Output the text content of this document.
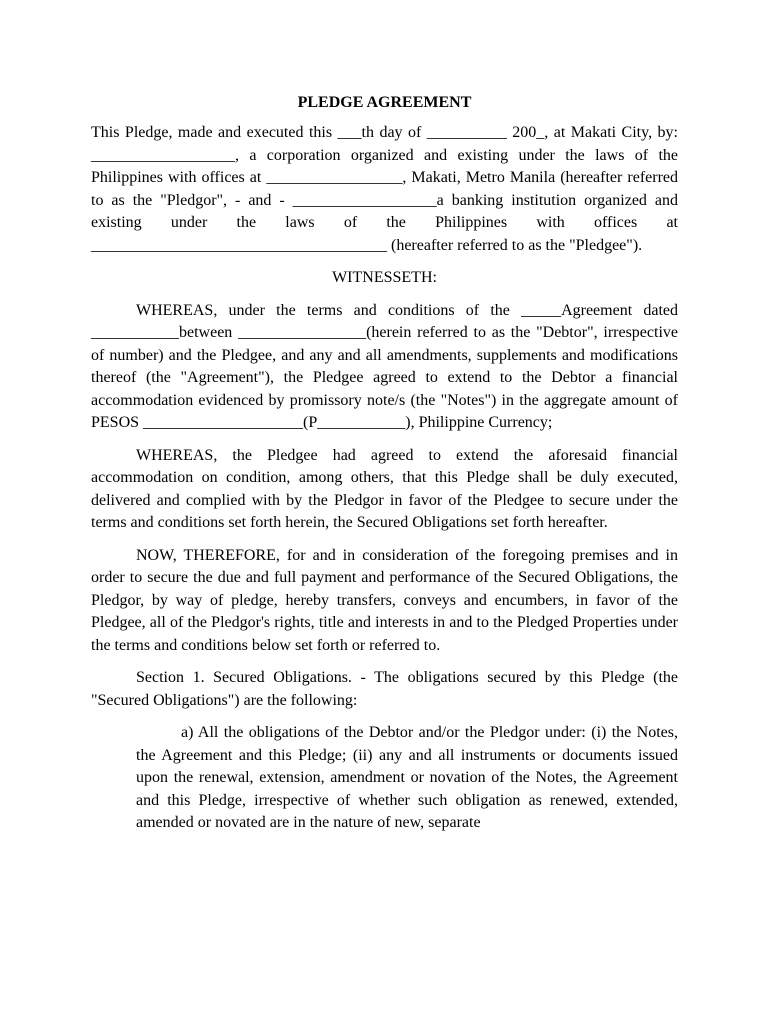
PLEDGE AGREEMENT

This Pledge, made and executed this ___th day of __________ 200_, at Makati City, by: __________________, a corporation organized and existing under the laws of the Philippines with offices at _________________, Makati, Metro Manila (hereafter referred to as the "Pledgor", - and - __________________a banking institution organized and existing under the laws of the Philippines with offices at _____________________________________ (hereafter referred to as the "Pledgee").

WITNESSETH:

WHEREAS, under the terms and conditions of the _____Agreement dated ___________between ________________(herein referred to as the "Debtor", irrespective of number) and the Pledgee, and any and all amendments, supplements and modifications thereof (the "Agreement"), the Pledgee agreed to extend to the Debtor a financial accommodation evidenced by promissory note/s (the "Notes") in the aggregate amount of PESOS ____________________(P___________), Philippine Currency;

WHEREAS, the Pledgee had agreed to extend the aforesaid financial accommodation on condition, among others, that this Pledge shall be duly executed, delivered and complied with by the Pledgor in favor of the Pledgee to secure under the terms and conditions set forth herein, the Secured Obligations set forth hereafter.

NOW, THEREFORE, for and in consideration of the foregoing premises and in order to secure the due and full payment and performance of the Secured Obligations, the Pledgor, by way of pledge, hereby transfers, conveys and encumbers, in favor of the Pledgee, all of the Pledgor's rights, title and interests in and to the Pledged Properties under the terms and conditions below set forth or referred to.

Section 1. Secured Obligations. - The obligations secured by this Pledge (the "Secured Obligations") are the following:

a) All the obligations of the Debtor and/or the Pledgor under: (i) the Notes, the Agreement and this Pledge; (ii) any and all instruments or documents issued upon the renewal, extension, amendment or novation of the Notes, the Agreement and this Pledge, irrespective of whether such obligation as renewed, extended, amended or novated are in the nature of new, separate
